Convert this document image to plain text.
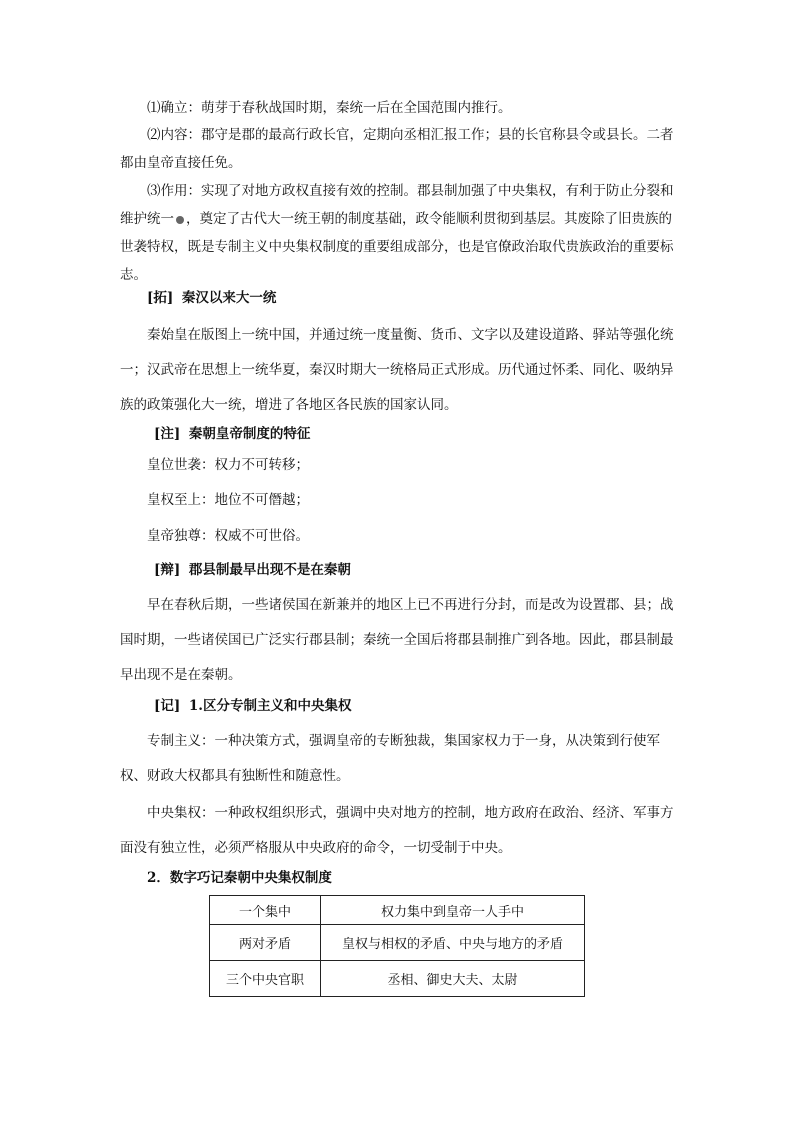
⑴确立：萌芽于春秋战国时期，秦统一后在全国范围内推行。
⑵内容：郡守是郡的最高行政长官，定期向丞相汇报工作；县的长官称县令或县长。二者都由皇帝直接任免。
⑶作用：实现了对地方政权直接有效的控制。郡县制加强了中央集权，有利于防止分裂和维护统一 ，奠定了古代大一统王朝的制度基础，政令能顺利贯彻到基层。其废除了旧贵族的世袭特权，既是专制主义中央集权制度的重要组成部分，也是官僚政治取代贵族政治的重要标志。
[拓] 秦汉以来大一统
秦始皇在版图上一统中国，并通过统一度量衡、货币、文字以及建设道路、驿站等强化统一；汉武帝在思想上一统华夏，秦汉时期大一统格局正式形成。历代通过怀柔、同化、吸纳异族的政策强化大一统，增进了各地区各民族的国家认同。
[注] 秦朝皇帝制度的特征
皇位世袭：权力不可转移；
皇权至上：地位不可僭越；
皇帝独尊：权威不可世俗。
[辩] 郡县制最早出现不是在秦朝
早在春秋后期，一些诸侯国在新兼并的地区上已不再进行分封，而是改为设置郡、县；战国时期，一些诸侯国已广泛实行郡县制；秦统一全国后将郡县制推广到各地。因此，郡县制最早出现不是在秦朝。
[记] 1.区分专制主义和中央集权
专制主义：一种决策方式，强调皇帝的专断独裁，集国家权力于一身，从决策到行使军权、财政大权都具有独断性和随意性。
中央集权：一种政权组织形式，强调中央对地方的控制，地方政府在政治、经济、军事方面没有独立性，必须严格服从中央政府的命令，一切受制于中央。
2．数字巧记秦朝中央集权制度
一个集中	权力集中到皇帝一人手中
两对矛盾	皇权与相权的矛盾、中央与地方的矛盾
三个中央官职	丞相、御史大夫、太尉
